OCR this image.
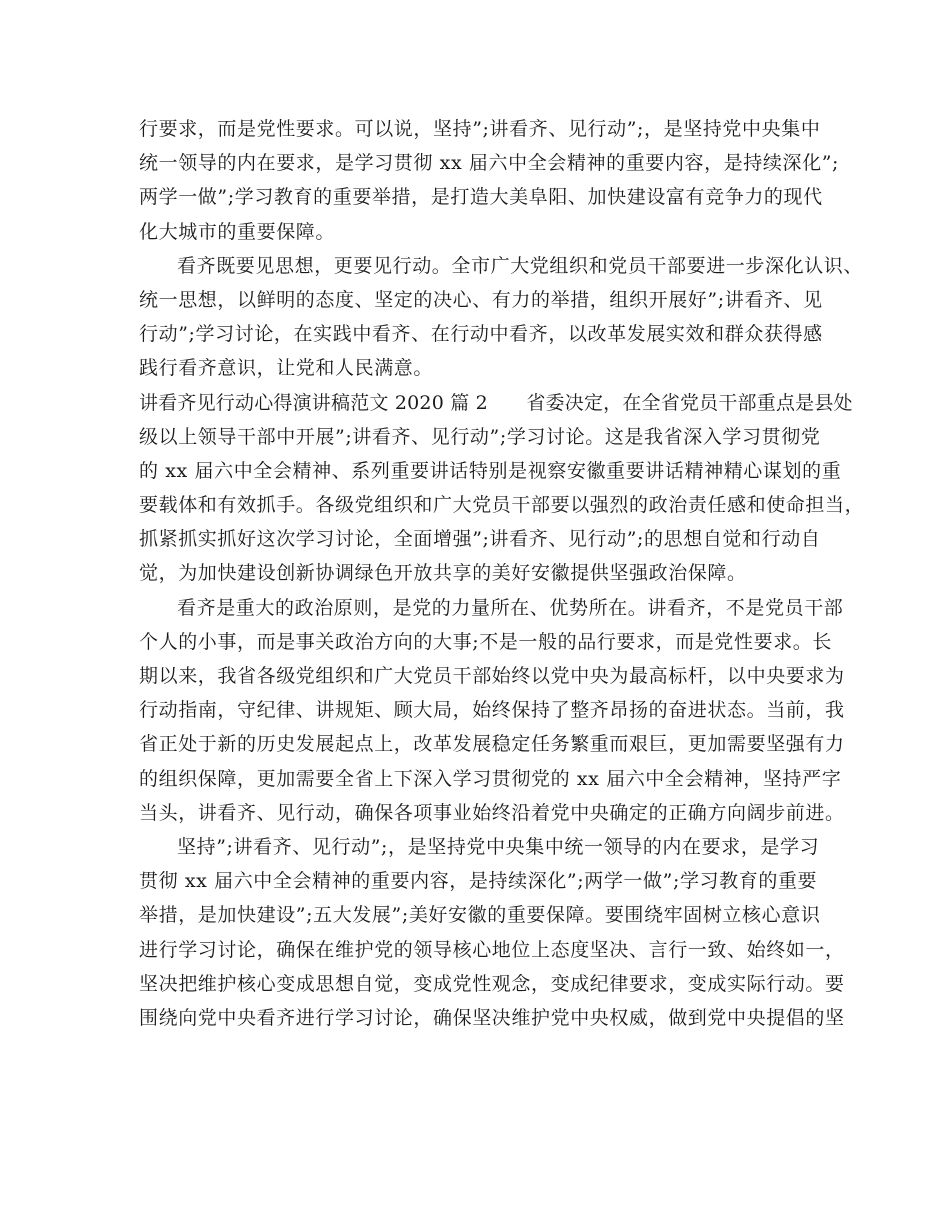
行要求，而是党性要求。可以说，坚持”;讲看齐、见行动”;，是坚持党中央集中
统一领导的内在要求，是学习贯彻 xx 届六中全会精神的重要内容，是持续深化”;
两学一做”;学习教育的重要举措，是打造大美阜阳、加快建设富有竞争力的现代
化大城市的重要保障。
看齐既要见思想，更要见行动。全市广大党组织和党员干部要进一步深化认识、
统一思想，以鲜明的态度、坚定的决心、有力的举措，组织开展好”;讲看齐、见
行动”;学习讨论，在实践中看齐、在行动中看齐，以改革发展实效和群众获得感
践行看齐意识，让党和人民满意。
讲看齐见行动心得演讲稿范文 2020 篇 2　　省委决定，在全省党员干部重点是县处
级以上领导干部中开展”;讲看齐、见行动”;学习讨论。这是我省深入学习贯彻党
的 xx 届六中全会精神、系列重要讲话特别是视察安徽重要讲话精神精心谋划的重
要载体和有效抓手。各级党组织和广大党员干部要以强烈的政治责任感和使命担当，
抓紧抓实抓好这次学习讨论，全面增强”;讲看齐、见行动”;的思想自觉和行动自
觉，为加快建设创新协调绿色开放共享的美好安徽提供坚强政治保障。
看齐是重大的政治原则，是党的力量所在、优势所在。讲看齐，不是党员干部
个人的小事，而是事关政治方向的大事;不是一般的品行要求，而是党性要求。长
期以来，我省各级党组织和广大党员干部始终以党中央为最高标杆，以中央要求为
行动指南，守纪律、讲规矩、顾大局，始终保持了整齐昂扬的奋进状态。当前，我
省正处于新的历史发展起点上，改革发展稳定任务繁重而艰巨，更加需要坚强有力
的组织保障，更加需要全省上下深入学习贯彻党的 xx 届六中全会精神，坚持严字
当头，讲看齐、见行动，确保各项事业始终沿着党中央确定的正确方向阔步前进。
坚持”;讲看齐、见行动”;，是坚持党中央集中统一领导的内在要求，是学习
贯彻 xx 届六中全会精神的重要内容，是持续深化”;两学一做”;学习教育的重要
举措，是加快建设”;五大发展”;美好安徽的重要保障。要围绕牢固树立核心意识
进行学习讨论，确保在维护党的领导核心地位上态度坚决、言行一致、始终如一，
坚决把维护核心变成思想自觉，变成党性观念，变成纪律要求，变成实际行动。要
围绕向党中央看齐进行学习讨论，确保坚决维护党中央权威，做到党中央提倡的坚
